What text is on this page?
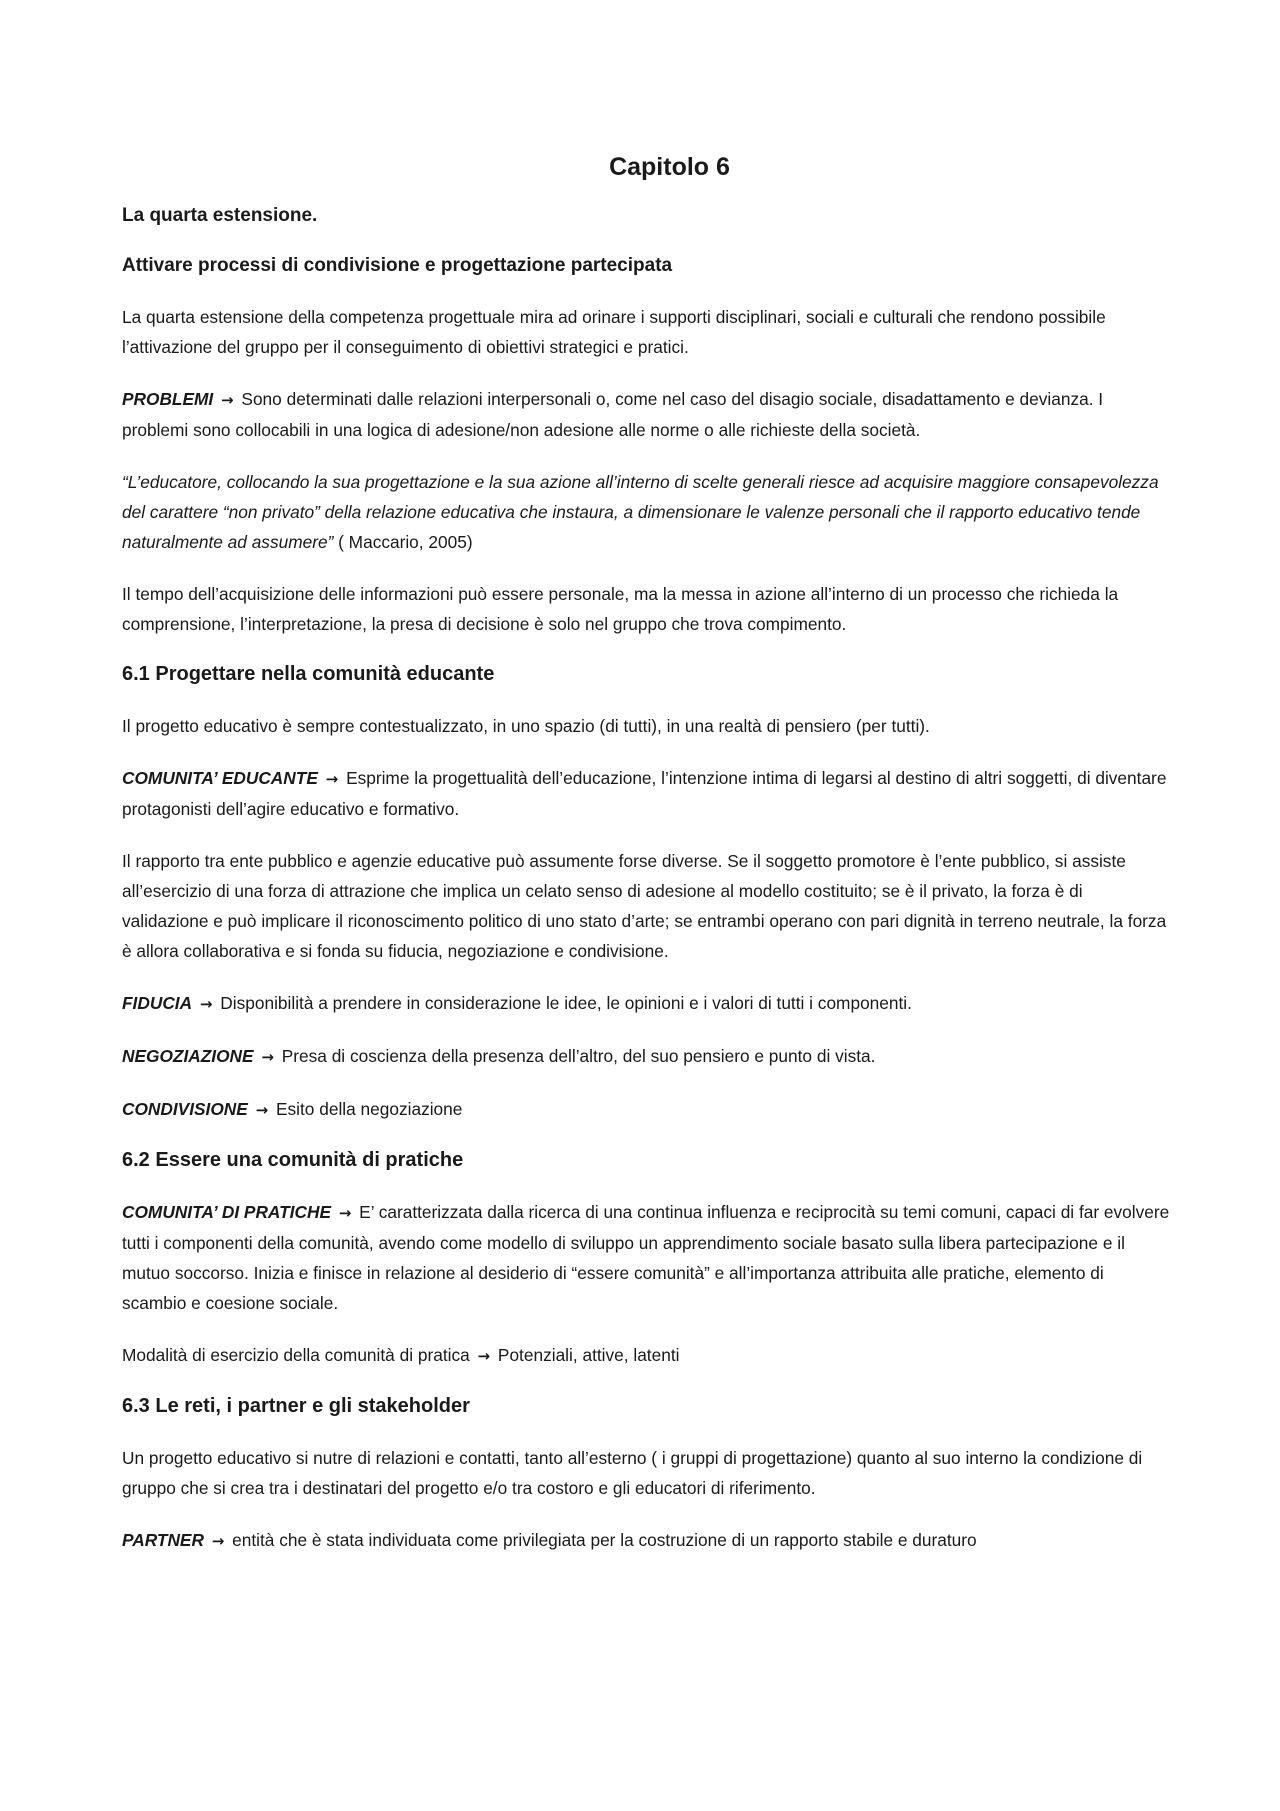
Capitolo 6
La quarta estensione.
Attivare processi di condivisione e progettazione partecipata

La quarta estensione della competenza progettuale mira ad orinare i supporti disciplinari, sociali e culturali che rendono possibile l’attivazione del gruppo per il conseguimento di obiettivi strategici e pratici.

PROBLEMI → Sono determinati dalle relazioni interpersonali o, come nel caso del disagio sociale, disadattamento e devianza. I problemi sono collocabili in una logica di adesione/non adesione alle norme o alle richieste della società.

“L’educatore, collocando la sua progettazione e la sua azione all’interno di scelte generali riesce ad acquisire maggiore consapevolezza del carattere “non privato” della relazione educativa che instaura, a dimensionare le valenze personali che il rapporto educativo tende naturalmente ad assumere” ( Maccario, 2005)

Il tempo dell’acquisizione delle informazioni può essere personale, ma la messa in azione all’interno di un processo che richieda la comprensione, l’interpretazione, la presa di decisione è solo nel gruppo che trova compimento.

6.1 Progettare nella comunità educante

Il progetto educativo è sempre contestualizzato, in uno spazio (di tutti), in una realtà di pensiero (per tutti).

COMUNITA’ EDUCANTE → Esprime la progettualità dell’educazione, l’intenzione intima di legarsi al destino di altri soggetti, di diventare protagonisti dell’agire educativo e formativo.

Il rapporto tra ente pubblico e agenzie educative può assumente forse diverse. Se il soggetto promotore è l’ente pubblico, si assiste all’esercizio di una forza di attrazione che implica un celato senso di adesione al modello costituito; se è il privato, la forza è di validazione e può implicare il riconoscimento politico di uno stato d’arte; se entrambi operano con pari dignità in terreno neutrale, la forza è allora collaborativa e si fonda su fiducia, negoziazione e condivisione.

FIDUCIA → Disponibilità a prendere in considerazione le idee, le opinioni e i valori di tutti i componenti.

NEGOZIAZIONE → Presa di coscienza della presenza dell’altro, del suo pensiero e punto di vista.

CONDIVISIONE → Esito della negoziazione

6.2 Essere una comunità di pratiche

COMUNITA’ DI PRATICHE → E’ caratterizzata dalla ricerca di una continua influenza e reciprocità su temi comuni, capaci di far evolvere tutti i componenti della comunità, avendo come modello di sviluppo un apprendimento sociale basato sulla libera partecipazione e il mutuo soccorso. Inizia e finisce in relazione al desiderio di “essere comunità” e all’importanza attribuita alle pratiche, elemento di scambio e coesione sociale.

Modalità di esercizio della comunità di pratica → Potenziali, attive, latenti

6.3 Le reti, i partner e gli stakeholder

Un progetto educativo si nutre di relazioni e contatti, tanto all’esterno ( i gruppi di progettazione) quanto al suo interno la condizione di gruppo che si crea tra i destinatari del progetto e/o tra costoro e gli educatori di riferimento.

PARTNER → entità che è stata individuata come privilegiata per la costruzione di un rapporto stabile e duraturo
